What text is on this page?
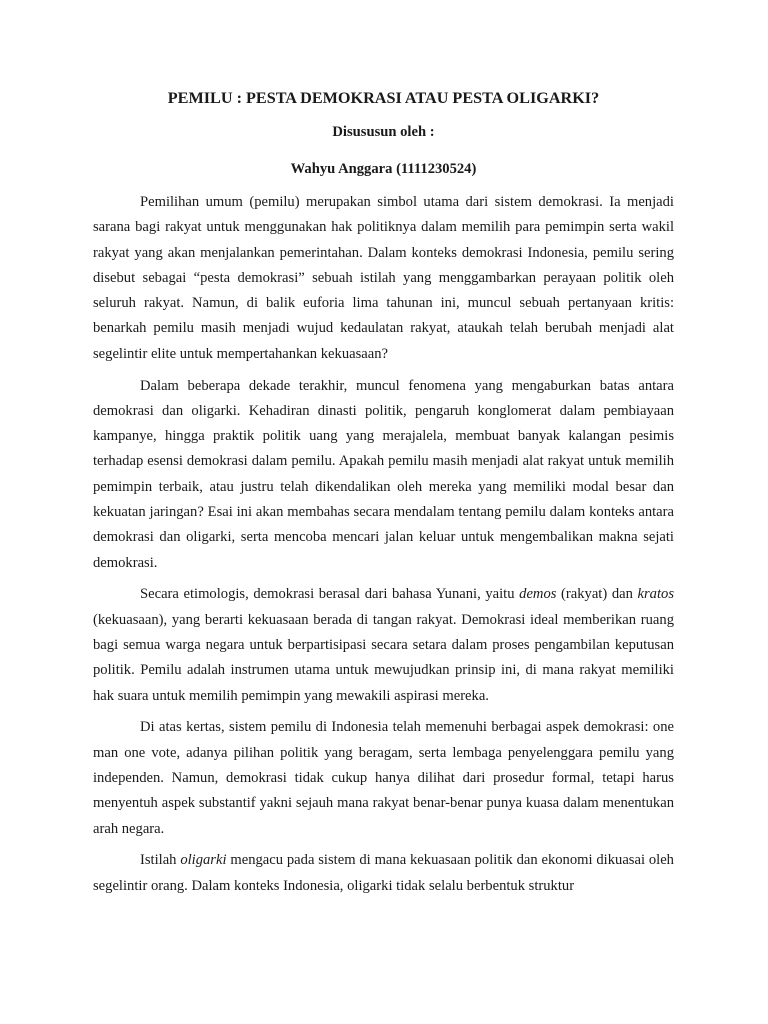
PEMILU : PESTA DEMOKRASI ATAU PESTA OLIGARKI?
Disususun oleh :
Wahyu Anggara (1111230524)

Pemilihan umum (pemilu) merupakan simbol utama dari sistem demokrasi. Ia menjadi sarana bagi rakyat untuk menggunakan hak politiknya dalam memilih para pemimpin serta wakil rakyat yang akan menjalankan pemerintahan. Dalam konteks demokrasi Indonesia, pemilu sering disebut sebagai “pesta demokrasi” sebuah istilah yang menggambarkan perayaan politik oleh seluruh rakyat. Namun, di balik euforia lima tahunan ini, muncul sebuah pertanyaan kritis: benarkah pemilu masih menjadi wujud kedaulatan rakyat, ataukah telah berubah menjadi alat segelintir elite untuk mempertahankan kekuasaan?

Dalam beberapa dekade terakhir, muncul fenomena yang mengaburkan batas antara demokrasi dan oligarki. Kehadiran dinasti politik, pengaruh konglomerat dalam pembiayaan kampanye, hingga praktik politik uang yang merajalela, membuat banyak kalangan pesimis terhadap esensi demokrasi dalam pemilu. Apakah pemilu masih menjadi alat rakyat untuk memilih pemimpin terbaik, atau justru telah dikendalikan oleh mereka yang memiliki modal besar dan kekuatan jaringan? Esai ini akan membahas secara mendalam tentang pemilu dalam konteks antara demokrasi dan oligarki, serta mencoba mencari jalan keluar untuk mengembalikan makna sejati demokrasi.

Secara etimologis, demokrasi berasal dari bahasa Yunani, yaitu demos (rakyat) dan kratos (kekuasaan), yang berarti kekuasaan berada di tangan rakyat. Demokrasi ideal memberikan ruang bagi semua warga negara untuk berpartisipasi secara setara dalam proses pengambilan keputusan politik. Pemilu adalah instrumen utama untuk mewujudkan prinsip ini, di mana rakyat memiliki hak suara untuk memilih pemimpin yang mewakili aspirasi mereka.

Di atas kertas, sistem pemilu di Indonesia telah memenuhi berbagai aspek demokrasi: one man one vote, adanya pilihan politik yang beragam, serta lembaga penyelenggara pemilu yang independen. Namun, demokrasi tidak cukup hanya dilihat dari prosedur formal, tetapi harus menyentuh aspek substantif yakni sejauh mana rakyat benar-benar punya kuasa dalam menentukan arah negara.

Istilah oligarki mengacu pada sistem di mana kekuasaan politik dan ekonomi dikuasai oleh segelintir orang. Dalam konteks Indonesia, oligarki tidak selalu berbentuk struktur
